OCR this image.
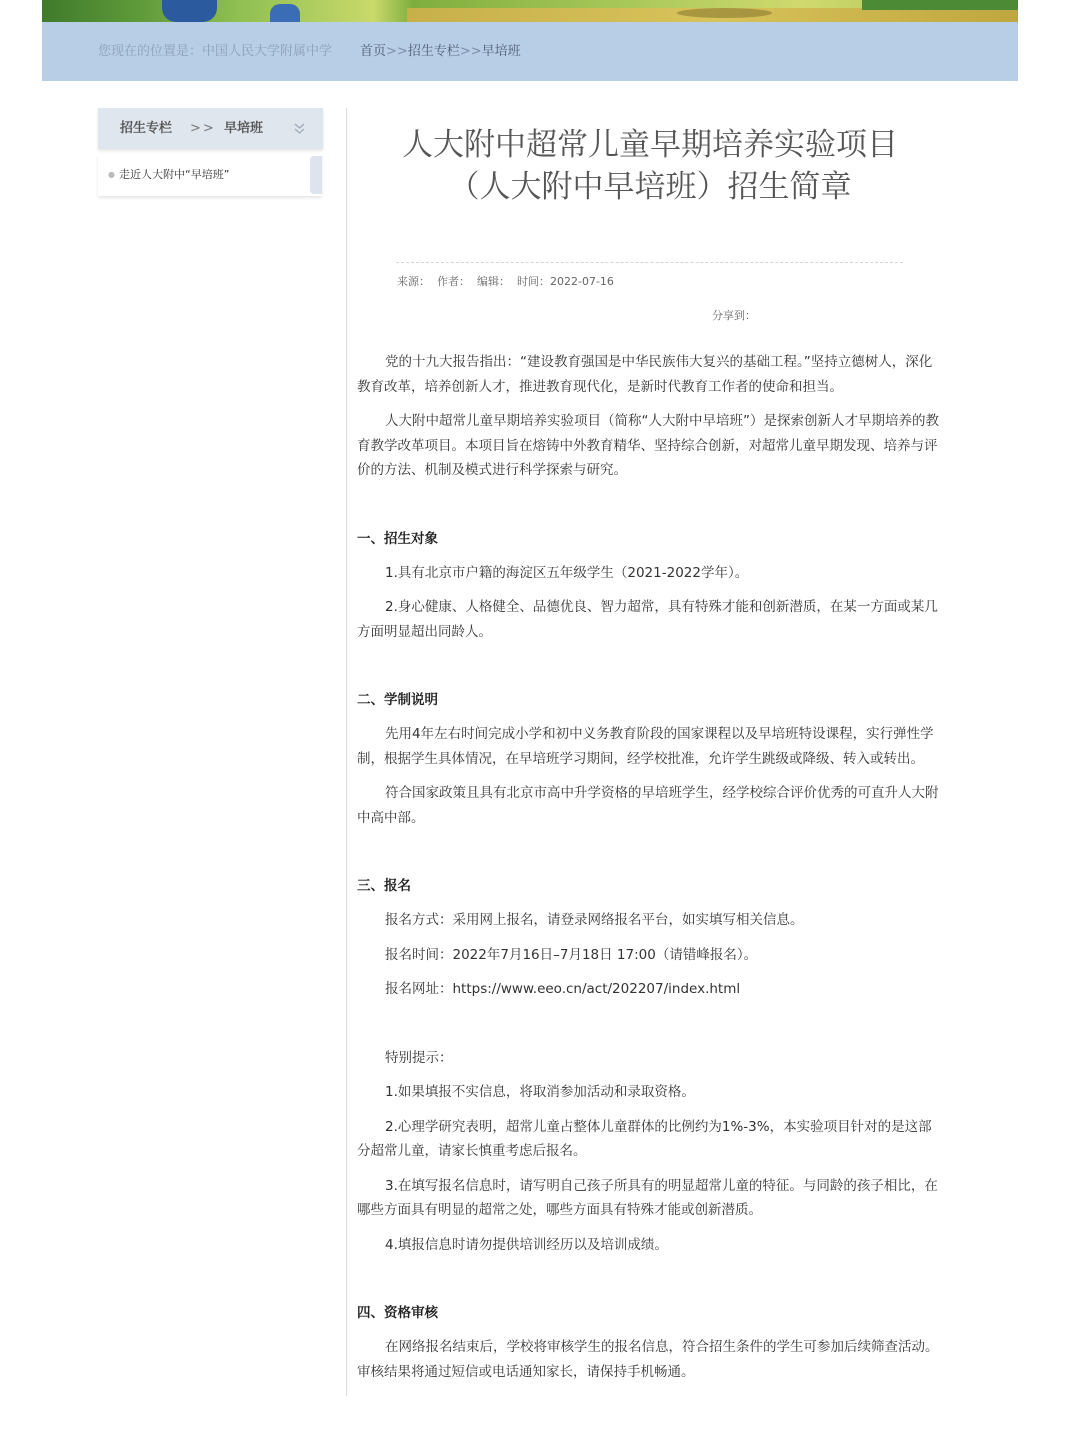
您现在的位置是：中国人民大学附属中学 首页>>招生专栏>>早培班
招生专栏 >> 早培班
● 走近人大附中“早培班”
人大附中超常儿童早期培养实验项目
（人大附中早培班）招生简章
来源： 作者： 编辑： 时间：2022-07-16
分享到：

党的十九大报告指出：“建设教育强国是中华民族伟大复兴的基础工程。”坚持立德树人，深化教育改革，培养创新人才，推进教育现代化，是新时代教育工作者的使命和担当。

人大附中超常儿童早期培养实验项目（简称“人大附中早培班”）是探索创新人才早期培养的教育教学改革项目。本项目旨在熔铸中外教育精华、坚持综合创新，对超常儿童早期发现、培养与评价的方法、机制及模式进行科学探索与研究。

一、招生对象

1.具有北京市户籍的海淀区五年级学生（2021-2022学年）。

2.身心健康、人格健全、品德优良、智力超常，具有特殊才能和创新潜质，在某一方面或某几方面明显超出同龄人。

二、学制说明

先用4年左右时间完成小学和初中义务教育阶段的国家课程以及早培班特设课程，实行弹性学制，根据学生具体情况，在早培班学习期间，经学校批准，允许学生跳级或降级、转入或转出。

符合国家政策且具有北京市高中升学资格的早培班学生，经学校综合评价优秀的可直升人大附中高中部。

三、报名

报名方式：采用网上报名，请登录网络报名平台，如实填写相关信息。

报名时间：2022年7月16日–7月18日 17:00（请错峰报名）。

报名网址：https://www.eeo.cn/act/202207/index.html

特别提示：

1.如果填报不实信息，将取消参加活动和录取资格。

2.心理学研究表明，超常儿童占整体儿童群体的比例约为1%-3%，本实验项目针对的是这部分超常儿童，请家长慎重考虑后报名。

3.在填写报名信息时，请写明自己孩子所具有的明显超常儿童的特征。与同龄的孩子相比，在哪些方面具有明显的超常之处，哪些方面具有特殊才能或创新潜质。

4.填报信息时请勿提供培训经历以及培训成绩。

四、资格审核

在网络报名结束后，学校将审核学生的报名信息，符合招生条件的学生可参加后续筛查活动。审核结果将通过短信或电话通知家长，请保持手机畅通。
